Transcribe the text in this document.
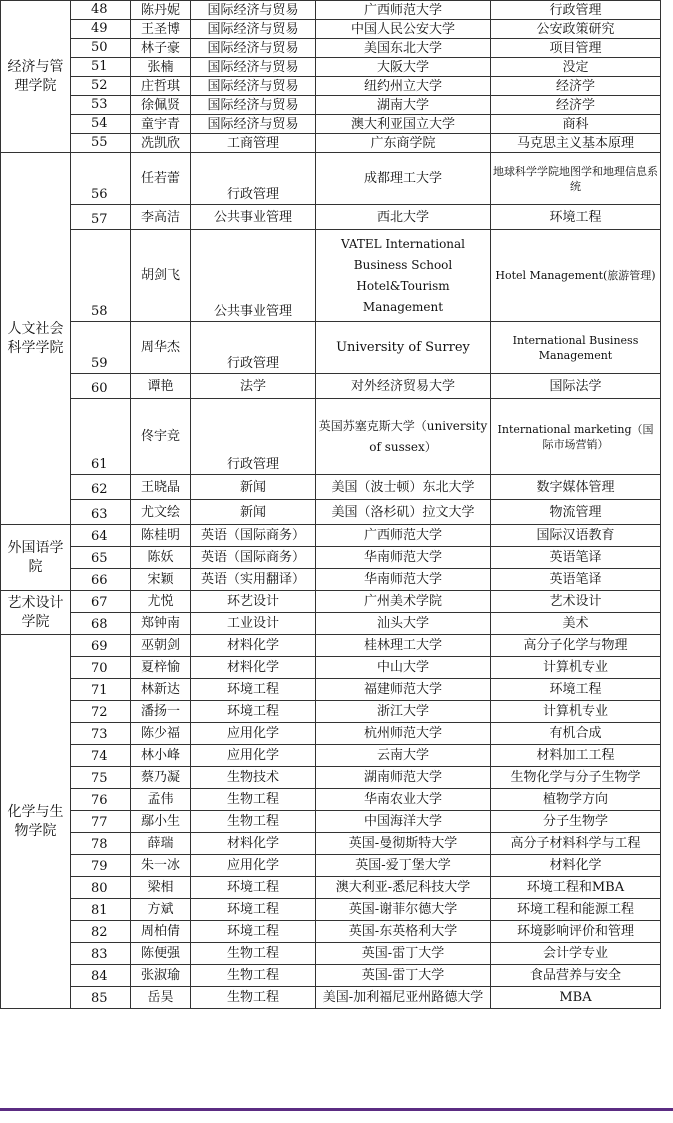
经济与管理学院	48	陈丹妮	国际经济与贸易	广西师范大学	行政管理
	49	王圣博	国际经济与贸易	中国人民公安大学	公安政策研究
	50	林子豪	国际经济与贸易	美国东北大学	项目管理
	51	张楠	国际经济与贸易	大阪大学	没定
	52	庄哲琪	国际经济与贸易	纽约州立大学	经济学
	53	徐佩贤	国际经济与贸易	湖南大学	经济学
	54	童宇青	国际经济与贸易	澳大利亚国立大学	商科
	55	冼凯欣	工商管理	广东商学院	马克思主义基本原理
人文社会科学学院	56	任若蕾	行政管理	成都理工大学	地球科学学院地图学和地理信息系统
	57	李高洁	公共事业管理	西北大学	环境工程
	58	胡剑飞	公共事业管理	VATEL International Business School Hotel&Tourism Management	Hotel Management(旅游管理)
	59	周华杰	行政管理	University of Surrey	International Business Management
	60	谭艳	法学	对外经济贸易大学	国际法学
	61	佟宇竞	行政管理	英国苏塞克斯大学（university of sussex）	International marketing（国际市场营销）
	62	王晓晶	新闻	美国（波士顿）东北大学	数字媒体管理
	63	尤文绘	新闻	美国（洛杉矶）拉文大学	物流管理
外国语学院	64	陈桂明	英语（国际商务）	广西师范大学	国际汉语教育
	65	陈妖	英语（国际商务）	华南师范大学	英语笔译
	66	宋颖	英语（实用翻译）	华南师范大学	英语笔译
艺术设计学院	67	尤悦	环艺设计	广州美术学院	艺术设计
	68	郑钟南	工业设计	汕头大学	美术
化学与生物学院	69	巫朝剑	材料化学	桂林理工大学	高分子化学与物理
	70	夏梓愉	材料化学	中山大学	计算机专业
	71	林新达	环境工程	福建师范大学	环境工程
	72	潘扬一	环境工程	浙江大学	计算机专业
	73	陈少福	应用化学	杭州师范大学	有机合成
	74	林小峰	应用化学	云南大学	材料加工工程
	75	蔡乃凝	生物技术	湖南师范大学	生物化学与分子生物学
	76	孟伟	生物工程	华南农业大学	植物学方向
	77	鄢小生	生物工程	中国海洋大学	分子生物学
	78	薛瑞	材料化学	英国-曼彻斯特大学	高分子材料科学与工程
	79	朱一冰	应用化学	英国-爱丁堡大学	材料化学
	80	梁相	环境工程	澳大利亚-悉尼科技大学	环境工程和MBA
	81	方斌	环境工程	英国-谢菲尔德大学	环境工程和能源工程
	82	周柏倩	环境工程	英国-东英格利大学	环境影响评价和管理
	83	陈便强	生物工程	英国-雷丁大学	会计学专业
	84	张淑瑜	生物工程	英国-雷丁大学	食品营养与安全
	85	岳昊	生物工程	美国-加利福尼亚州路德大学	MBA
